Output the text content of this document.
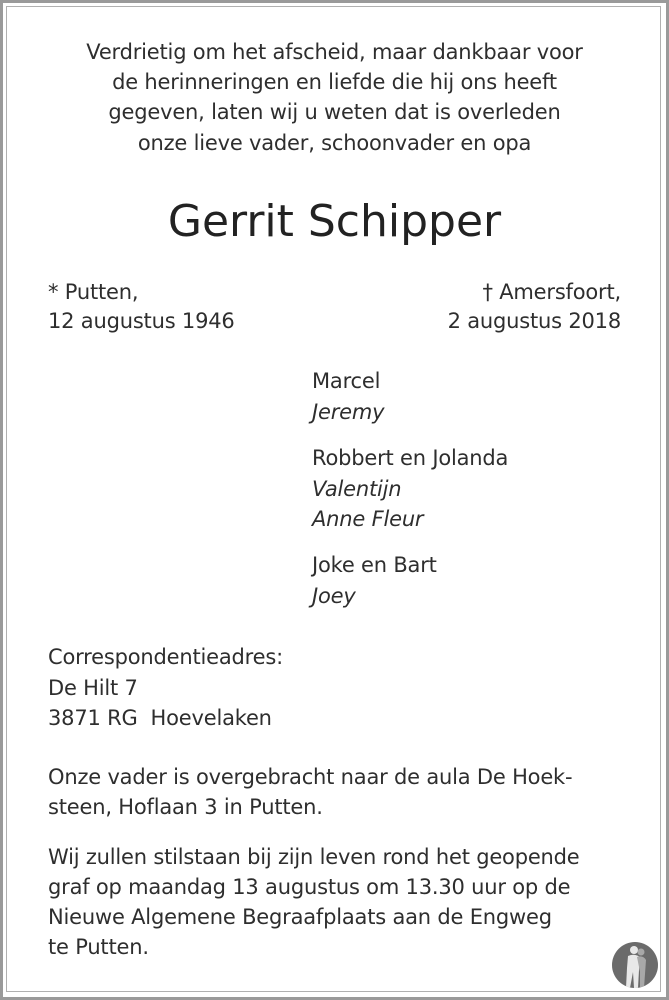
Verdrietig om het afscheid, maar dankbaar voor
de herinneringen en liefde die hij ons heeft
gegeven, laten wij u weten dat is overleden
onze lieve vader, schoonvader en opa
Gerrit Schipper
* Putten,
12 augustus 1946
† Amersfoort,
2 augustus 2018
Marcel
Jeremy
Robbert en Jolanda
Valentijn
Anne Fleur
Joke en Bart
Joey
Correspondentieadres:
De Hilt 7
3871 RG  Hoevelaken
Onze vader is overgebracht naar de aula De Hoek-
steen, Hoflaan 3 in Putten.
Wij zullen stilstaan bij zijn leven rond het geopende
graf op maandag 13 augustus om 13.30 uur op de
Nieuwe Algemene Begraafplaats aan de Engweg
te Putten.
